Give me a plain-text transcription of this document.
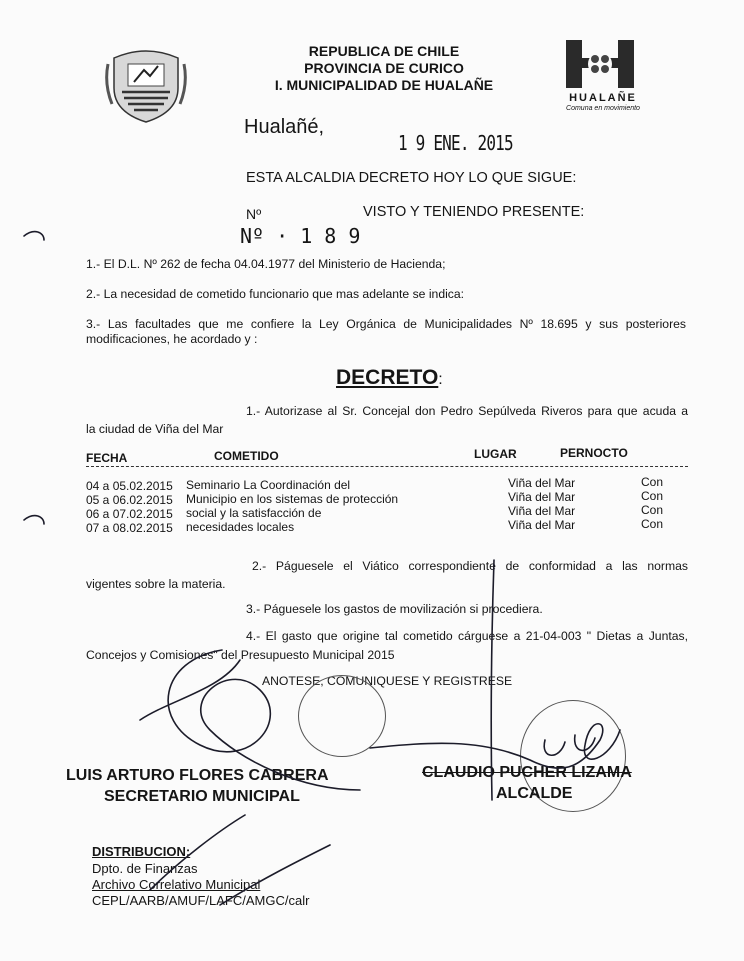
REPUBLICA DE CHILE
PROVINCIA DE CURICO
I. MUNICIPALIDAD DE HUALAÑE
HUALAÑE
Comuna en movimiento
Hualañé,
1 9 ENE. 2015
ESTA ALCALDIA DECRETO HOY LO QUE SIGUE:
Nº	VISTO Y TENIENDO PRESENTE:
Nº · 1 8 9
1.- El D.L. Nº 262 de fecha 04.04.1977 del Ministerio de Hacienda;
2.- La necesidad de cometido funcionario que mas adelante se indica:
3.- Las facultades que me confiere la Ley Orgánica de Municipalidades Nº 18.695 y sus posteriores
modificaciones, he acordado y :
DECRETO:
1.- Autorizase al Sr. Concejal don Pedro Sepúlveda Riveros para que acuda a
la ciudad de Viña del Mar
FECHA	COMETIDO	LUGAR	PERNOCTO
04 a 05.02.2015 Seminario La Coordinación del	Viña del Mar	Con
05 a 06.02.2015 Municipio en los sistemas de protección	Viña del Mar	Con
06 a 07.02.2015 social y la satisfacción de	Viña del Mar	Con
07 a 08.02.2015 necesidades locales	Viña del Mar	Con
2.- Páguesele el Viático correspondiente de conformidad a las normas
vigentes sobre la materia.
3.- Páguesele los gastos de movilización si procediera.
4.- El gasto que origine tal cometido cárguese a 21-04-003 " Dietas a Juntas,
Concejos y Comisiones" del Presupuesto Municipal 2015
ANOTESE, COMUNIQUESE Y REGISTRESE
LUIS ARTURO FLORES CABRERA
SECRETARIO MUNICIPAL
CLAUDIO PUCHER LIZAMA
ALCALDE
DISTRIBUCION:
Dpto. de Finanzas
Archivo Correlativo Municipal
CEPL/AARB/AMUF/LAFC/AMGC/calr
